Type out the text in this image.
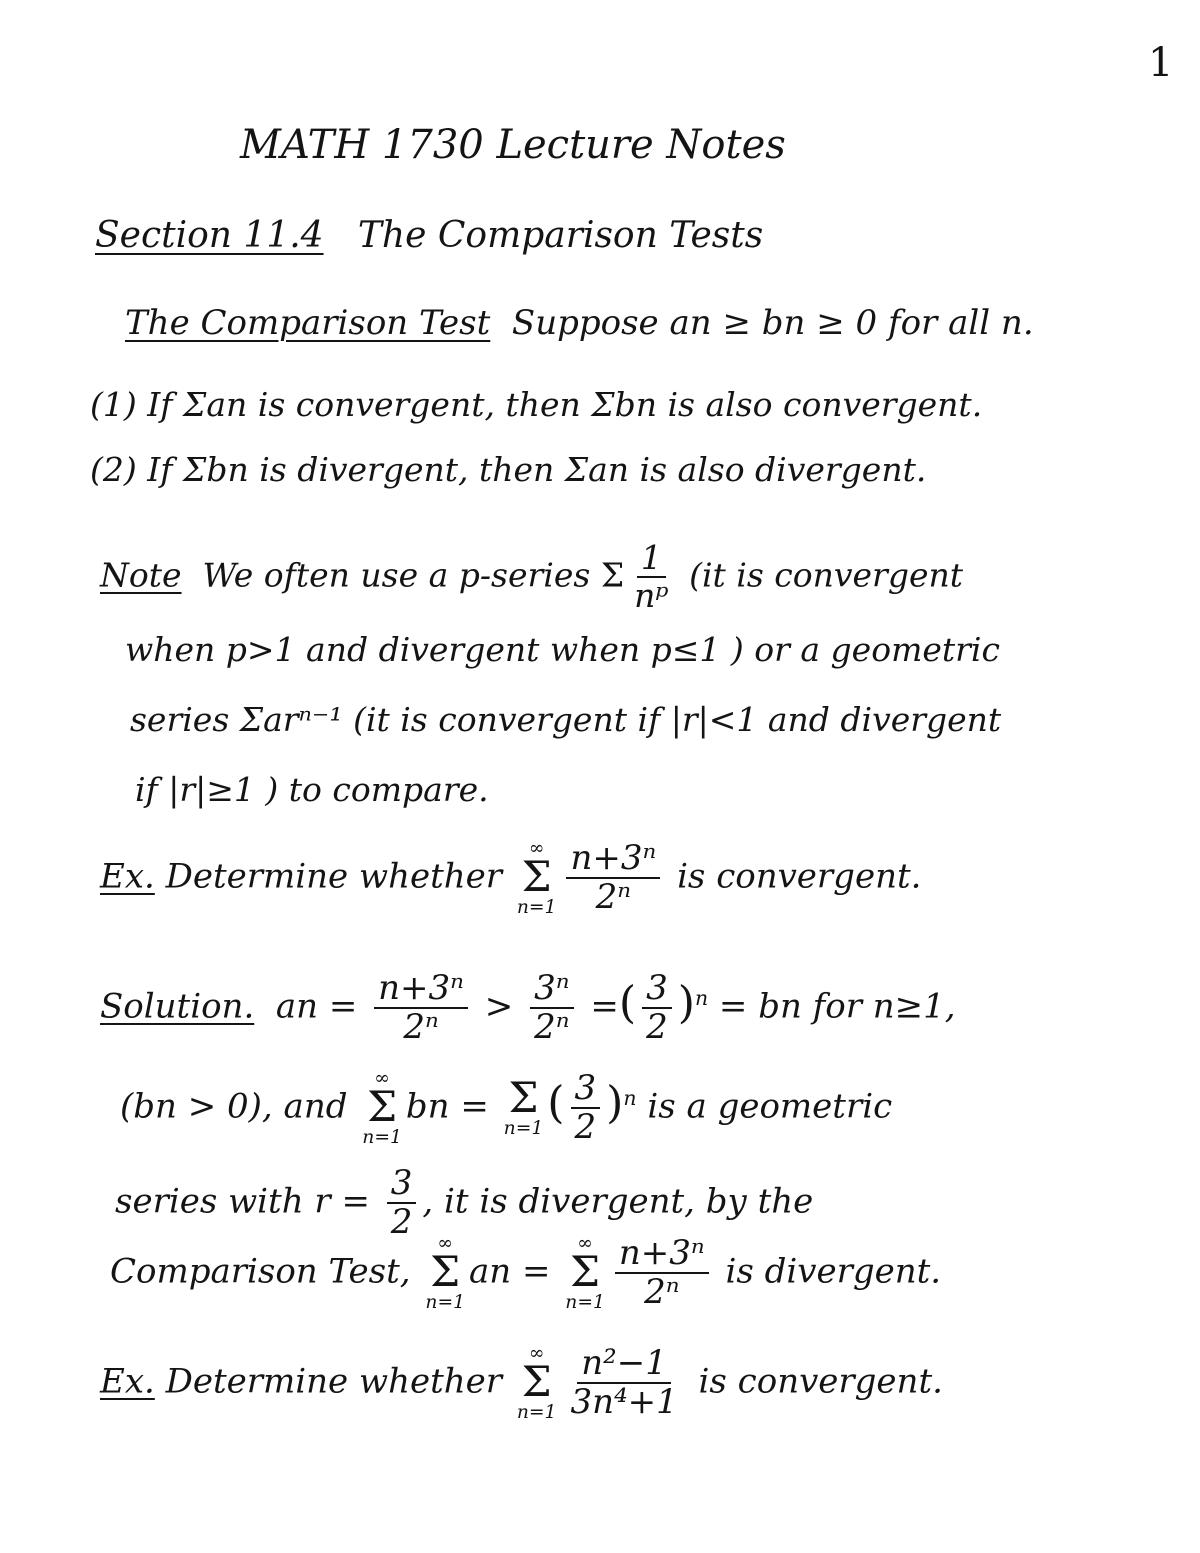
1
MATH 1730 Lecture Notes
Section 11.4 The Comparison Tests
The Comparison Test Suppose an ≥ bn ≥ 0 for all n.
(1) If Σan is convergent, then Σbn is also convergent.
(2) If Σbn is divergent, then Σan is also divergent.
Note We often use a p-series Σ $\frac{1}{\text{nᵖ}} (it$ is convergent
when p>1 and divergent when p≤1 ) or a geometric
series Σarⁿ⁻¹ (it is convergent if |r|<1 and divergent
if |r|≥1 ) to compare.
Ex. Determine whether
∞
Σ
$n=1 \frac{\text{n+3ⁿ}}{\text{2ⁿ}}$ is convergent.
Solution. an = $\frac{\text{n+3ⁿ}}{\text{2ⁿ}} > \frac{\text{3ⁿ}}{\text{2ⁿ}}$ =( $\frac{3}{2} )^n$ = bn for n≥1,
(bn > 0), and
∞
Σ
n=1
bn = Σ
n=1 ( $\frac{3}{2} )^n$ is a geometric
series with $r = \frac{3}{2}$ , it is divergent, by the
Comparison Test,
∞
Σ
n=1
an =
∞
Σ
$n=1 \frac{\text{n+3ⁿ}}{\text{2ⁿ}}$ is divergent.
Ex. Determine whether
∞
Σ
$n=1 \frac{\text{n²−1}}{\text{3n⁴+1}}$ is convergent.
